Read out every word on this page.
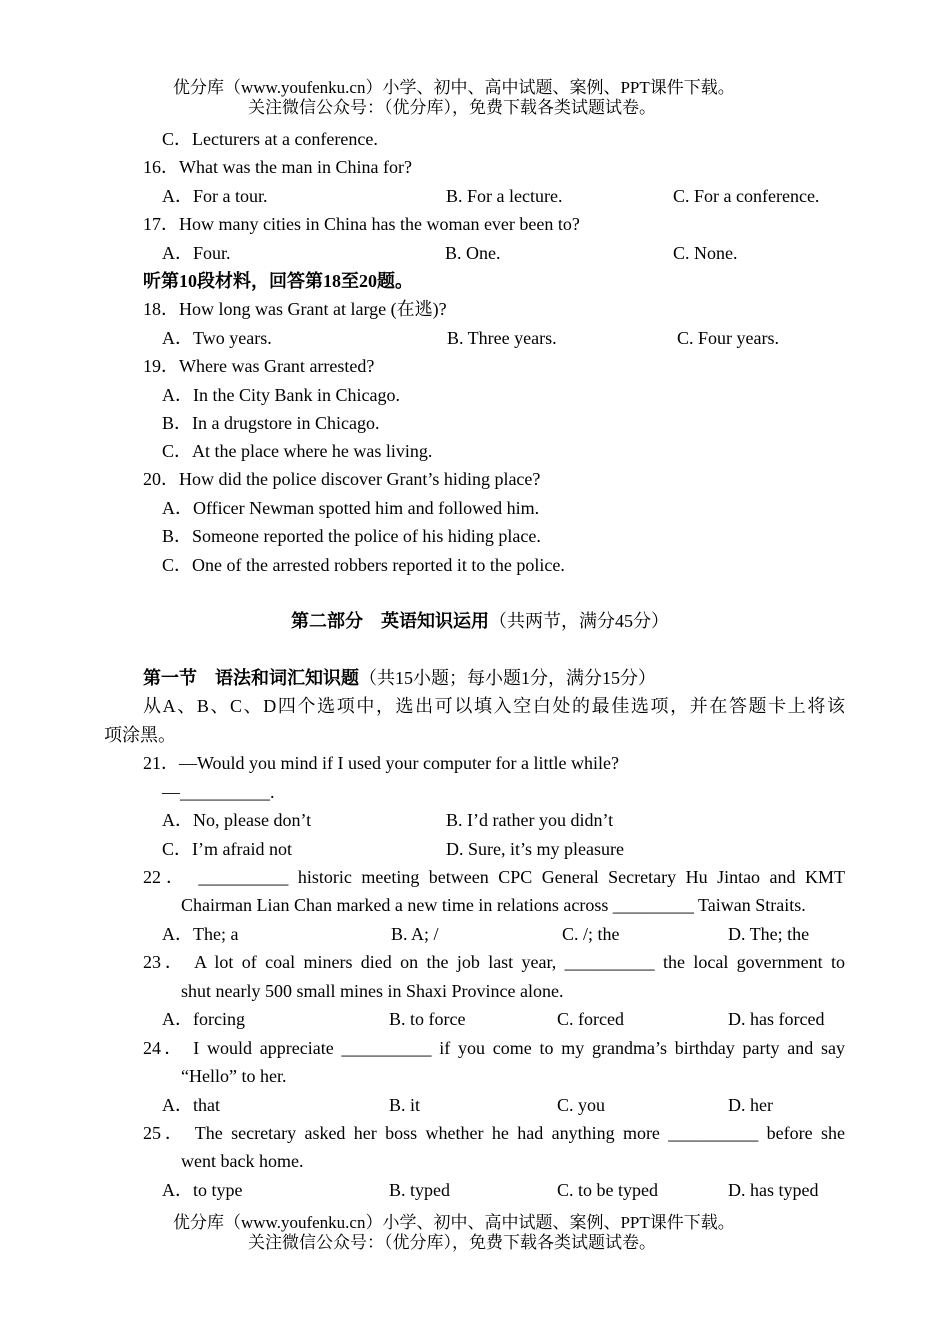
优分库（www.youfenku.cn）小学、初中、高中试题、案例、PPT课件下载。
关注微信公众号：（优分库），免费下载各类试题试卷。
C．Lecturers at a conference.
16．What was the man in China for?
A．For a tour.	B. For a lecture.	C. For a conference.
17．How many cities in China has the woman ever been to?
A．Four.	B. One.	C. None.
听第10段材料，回答第18至20题。
18．How long was Grant at large (在逃)?
A．Two years.	B. Three years.	C. Four years.
19．Where was Grant arrested?
A．In the City Bank in Chicago.
B．In a drugstore in Chicago.
C．At the place where he was living.
20．How did the police discover Grant’s hiding place?
A．Officer Newman spotted him and followed him.
B．Someone reported the police of his hiding place.
C．One of the arrested robbers reported it to the police.
第二部分　英语知识运用（共两节，满分45分）
第一节　语法和词汇知识题（共15小题；每小题1分，满分15分）
从A、B、C、D四个选项中，选出可以填入空白处的最佳选项，并在答题卡上将该
项涂黑。
21．—Would you mind if I used your computer for a little while?
—__________.
A．No, please don’t	B. I’d rather you didn’t
C．I’m afraid not	D. Sure, it’s my pleasure
22． __________ historic meeting between CPC General Secretary Hu Jintao and KMT
Chairman Lian Chan marked a new time in relations across _________ Taiwan Straits.
A．The; a	B. A; /	C. /; the	D. The; the
23． A lot of coal miners died on the job last year, __________ the local government to
shut nearly 500 small mines in Shaxi Province alone.
A．forcing	B. to force	C. forced	D. has forced
24． I would appreciate __________ if you come to my grandma’s birthday party and say
“Hello” to her.
A．that	B. it	C. you	D. her
25． The secretary asked her boss whether he had anything more __________ before she
went back home.
A．to type	B. typed	C. to be typed	D. has typed
优分库（www.youfenku.cn）小学、初中、高中试题、案例、PPT课件下载。
关注微信公众号：（优分库），免费下载各类试题试卷。
